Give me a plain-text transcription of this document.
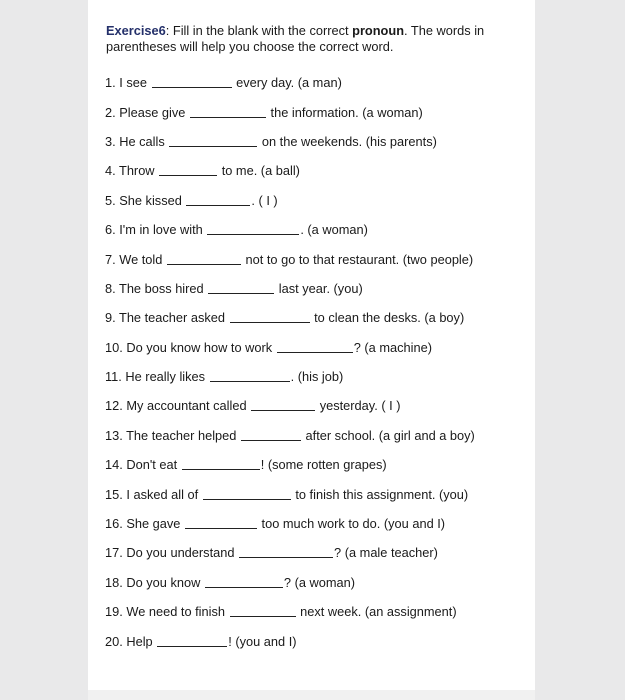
Exercise6: Fill in the blank with the correct pronoun. The words in parentheses will help you choose the correct word.
1. I see

	every day. (a man)
2. Please give

	the information. (a woman)
3. He calls

	on the weekends. (his parents)
4. Throw

	to me. (a ball)
5. She kissed
	. ( I )
6. I'm in love with
	. (a woman)
7. We told

	not to go to that restaurant. (two people)
8. The boss hired

	last year. (you)
9. The teacher asked

	to clean the desks. (a boy)
10. Do you know how to work
	? (a machine)
11. He really likes
	. (his job)
12. My accountant called

	yesterday. ( I )
13. The teacher helped

	after school. (a girl and a boy)
14. Don't eat
	! (some rotten grapes)
15. I asked all of

	to finish this assignment. (you)
16. She gave

	too much work to do. (you and I)
17. Do you understand
	? (a male teacher)
18. Do you know
	? (a woman)
19. We need to finish

	next week. (an assignment)
20. Help
	! (you and I)
